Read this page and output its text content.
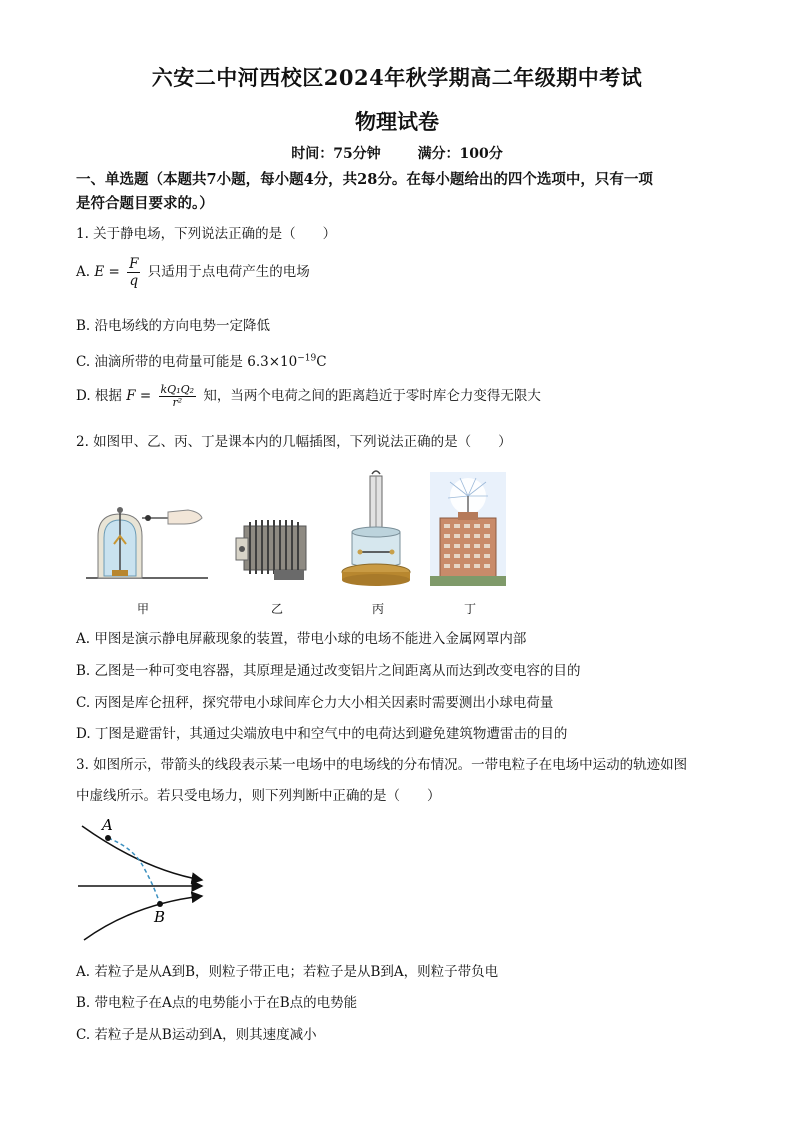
六安二中河西校区2024年秋学期高二年级期中考试
物理试卷
时间：75分钟	满分：100分
一、单选题（本题共7小题，每小题4分，共28分。在每小题给出的四个选项中，只有一项
是符合题目要求的。）
1. 关于静电场，下列说法正确的是（　　）
A. $E = \frac{F}{q}$ 只适用于点电荷产生的电场
B. 沿电场线的方向电势一定降低
C. 油滴所带的电荷量可能是 $6.3\times 10^{-19}C$
D. 根据 $F = \frac{\text{kQ₁Q₂}}{\text{r²}}$ 知，当两个电荷之间的距离趋近于零时库仑力变得无限大
2. 如图甲、乙、丙、丁是课本内的几幅插图，下列说法正确的是（　　）
甲	乙	丙	丁
A. 甲图是演示静电屏蔽现象的装置，带电小球的电场不能进入金属网罩内部
B. 乙图是一种可变电容器，其原理是通过改变铝片之间距离从而达到改变电容的目的
C. 丙图是库仑扭秤，探究带电小球间库仑力大小相关因素时需要测出小球电荷量
D. 丁图是避雷针，其通过尖端放电中和空气中的电荷达到避免建筑物遭雷击的目的
3. 如图所示，带箭头的线段表示某一电场中的电场线的分布情况。一带电粒子在电场中运动的轨迹如图
中虚线所示。若只受电场力，则下列判断中正确的是（　　）
A
B
A. 若粒子是从A到B，则粒子带正电；若粒子是从B到A，则粒子带负电
B. 带电粒子在A点的电势能小于在B点的电势能
C. 若粒子是从B运动到A，则其速度减小
